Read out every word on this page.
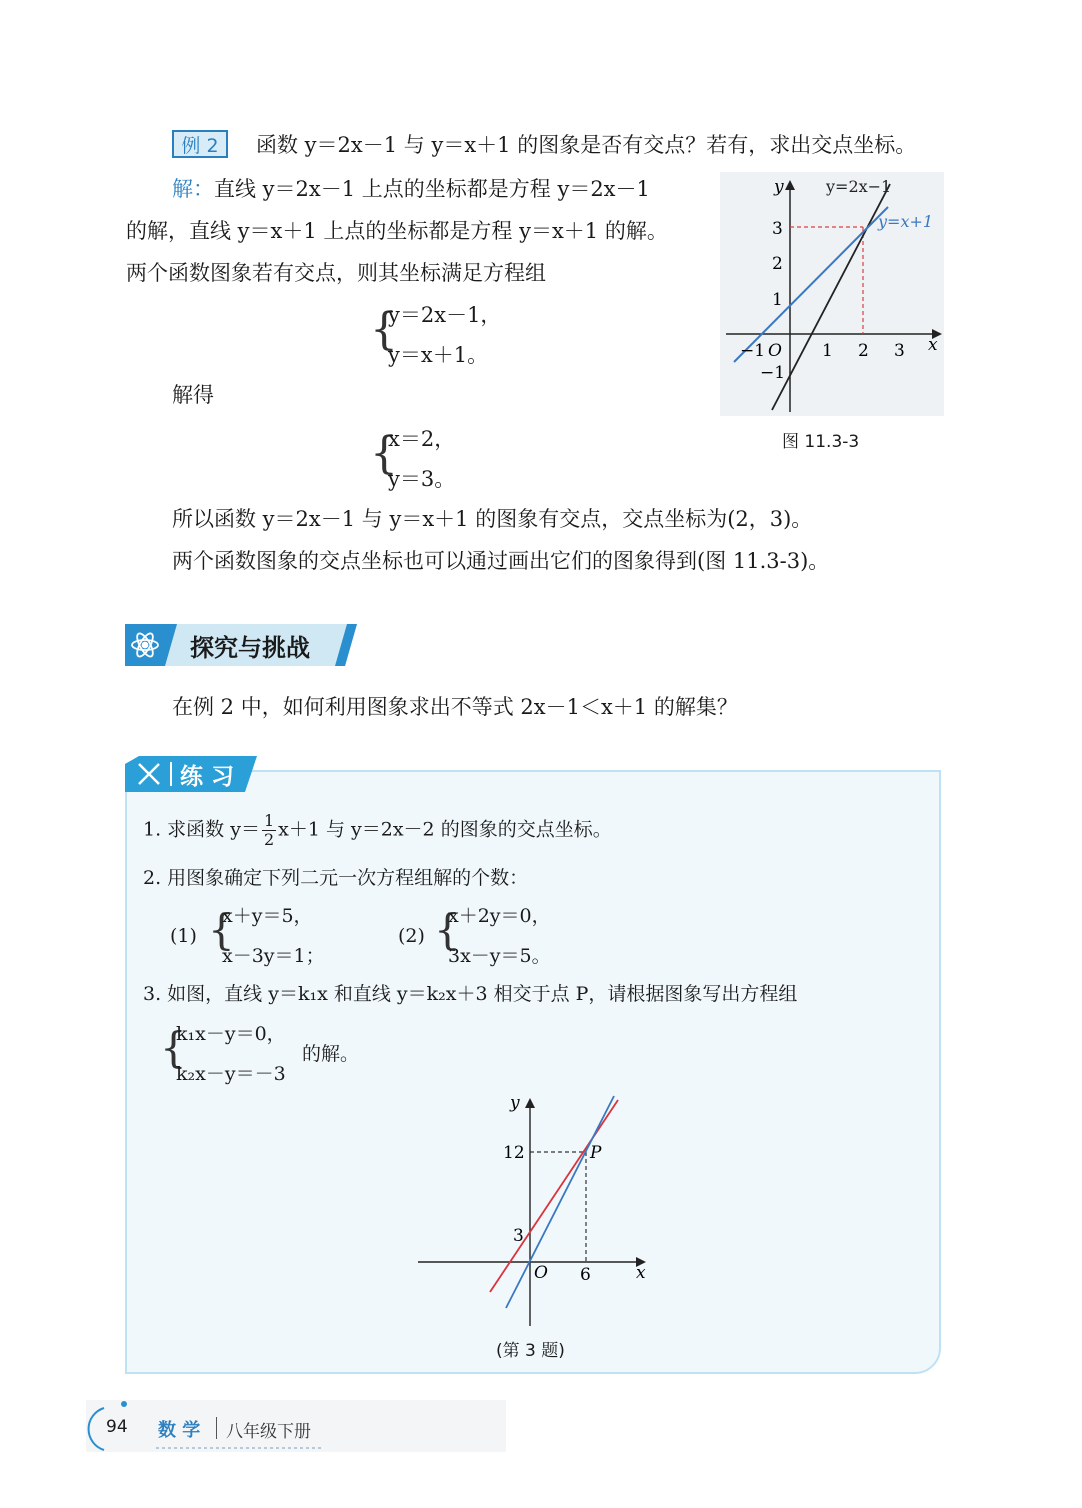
例 2	函数 y＝2x－1 与 y＝x＋1 的图象是否有交点？若有，求出交点坐标。
解：直线 y＝2x－1 上点的坐标都是方程 y＝2x－1
的解，直线 y＝x＋1 上点的坐标都是方程 y＝x＋1 的解。
两个函数图象若有交点，则其坐标满足方程组
{
y＝2x－1，
y＝x＋1。
解得
{
x＝2，
y＝3。
所以函数 y＝2x－1 与 y＝x＋1 的图象有交点，交点坐标为(2，3)。
两个函数图象的交点坐标也可以通过画出它们的图象得到(图 11.3-3)。
y
x
y=2x−1
y=x+1
3
2
1
−1
−1 O 1 2 3
图 11.3-3
探究与挑战
在例 2 中，如何利用图象求出不等式 2x－1＜x＋1 的解集？
练 习
1. 求函数 $y= \frac{1}{2} x+1$ 与 y＝2x－2 的图象的交点坐标。
2. 用图象确定下列二元一次方程组解的个数：
(1) {
x＋y＝5，
x－3y＝1；
(2) {
x＋2y＝0，
3x－y＝5。
3. 如图，直线 y＝k₁x 和直线 y＝k₂x＋3 相交于点 P，请根据图象写出方程组
{
k₁x－y＝0，
k₂x－y＝－3
的解。
y
x
12
3
O 6
P
(第 3 题)
94 数 学 八年级下册
